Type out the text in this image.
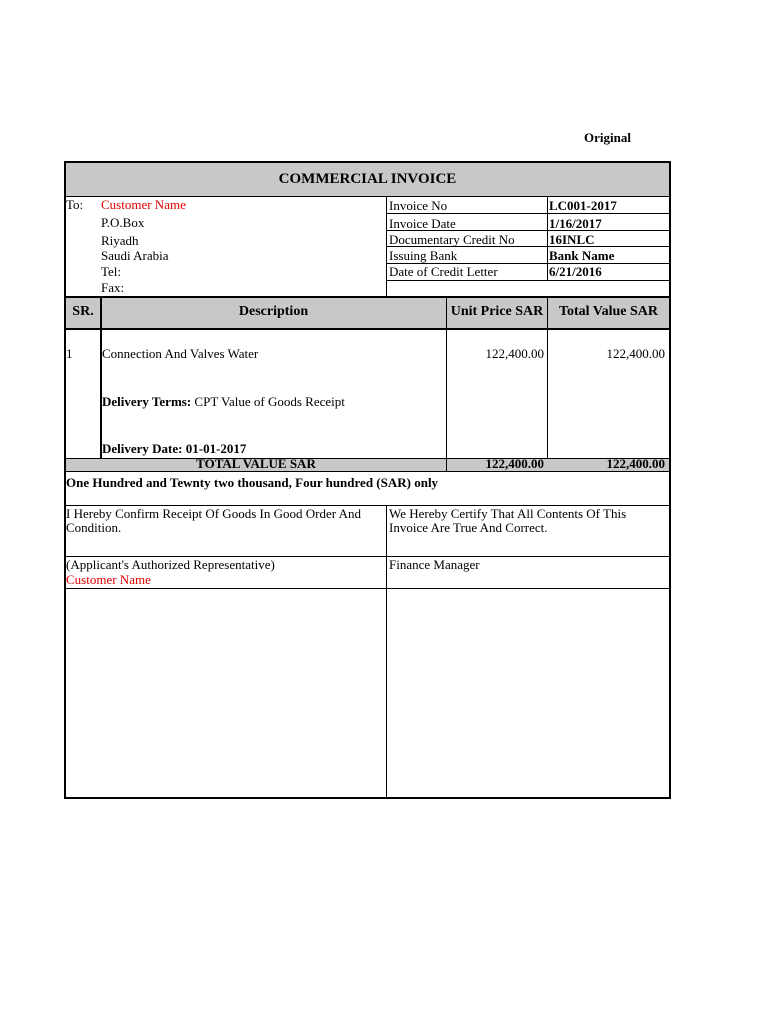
Original
COMMERCIAL INVOICE
To: Customer Name
P.O.Box
Riyadh
Saudi Arabia
Tel:
Fax:
Invoice No	LC001-2017
Invoice Date	1/16/2017
Documentary Credit No	16INLC
Issuing Bank	Bank Name
Date of Credit Letter	6/21/2016
SR.	Description	Unit Price SAR	Total Value SAR
1 Connection And Valves Water	122,400.00	122,400.00
Delivery Terms: CPT Value of Goods Receipt
Delivery Date: 01-01-2017
TOTAL VALUE SAR	122,400.00	122,400.00
One Hundred and Tewnty two thousand, Four hundred (SAR) only
I Hereby Confirm Receipt Of Goods In Good Order And Condition.
We Hereby Certify That All Contents Of This Invoice Are True And Correct.
(Applicant's Authorized Representative)
Customer Name
Finance Manager
